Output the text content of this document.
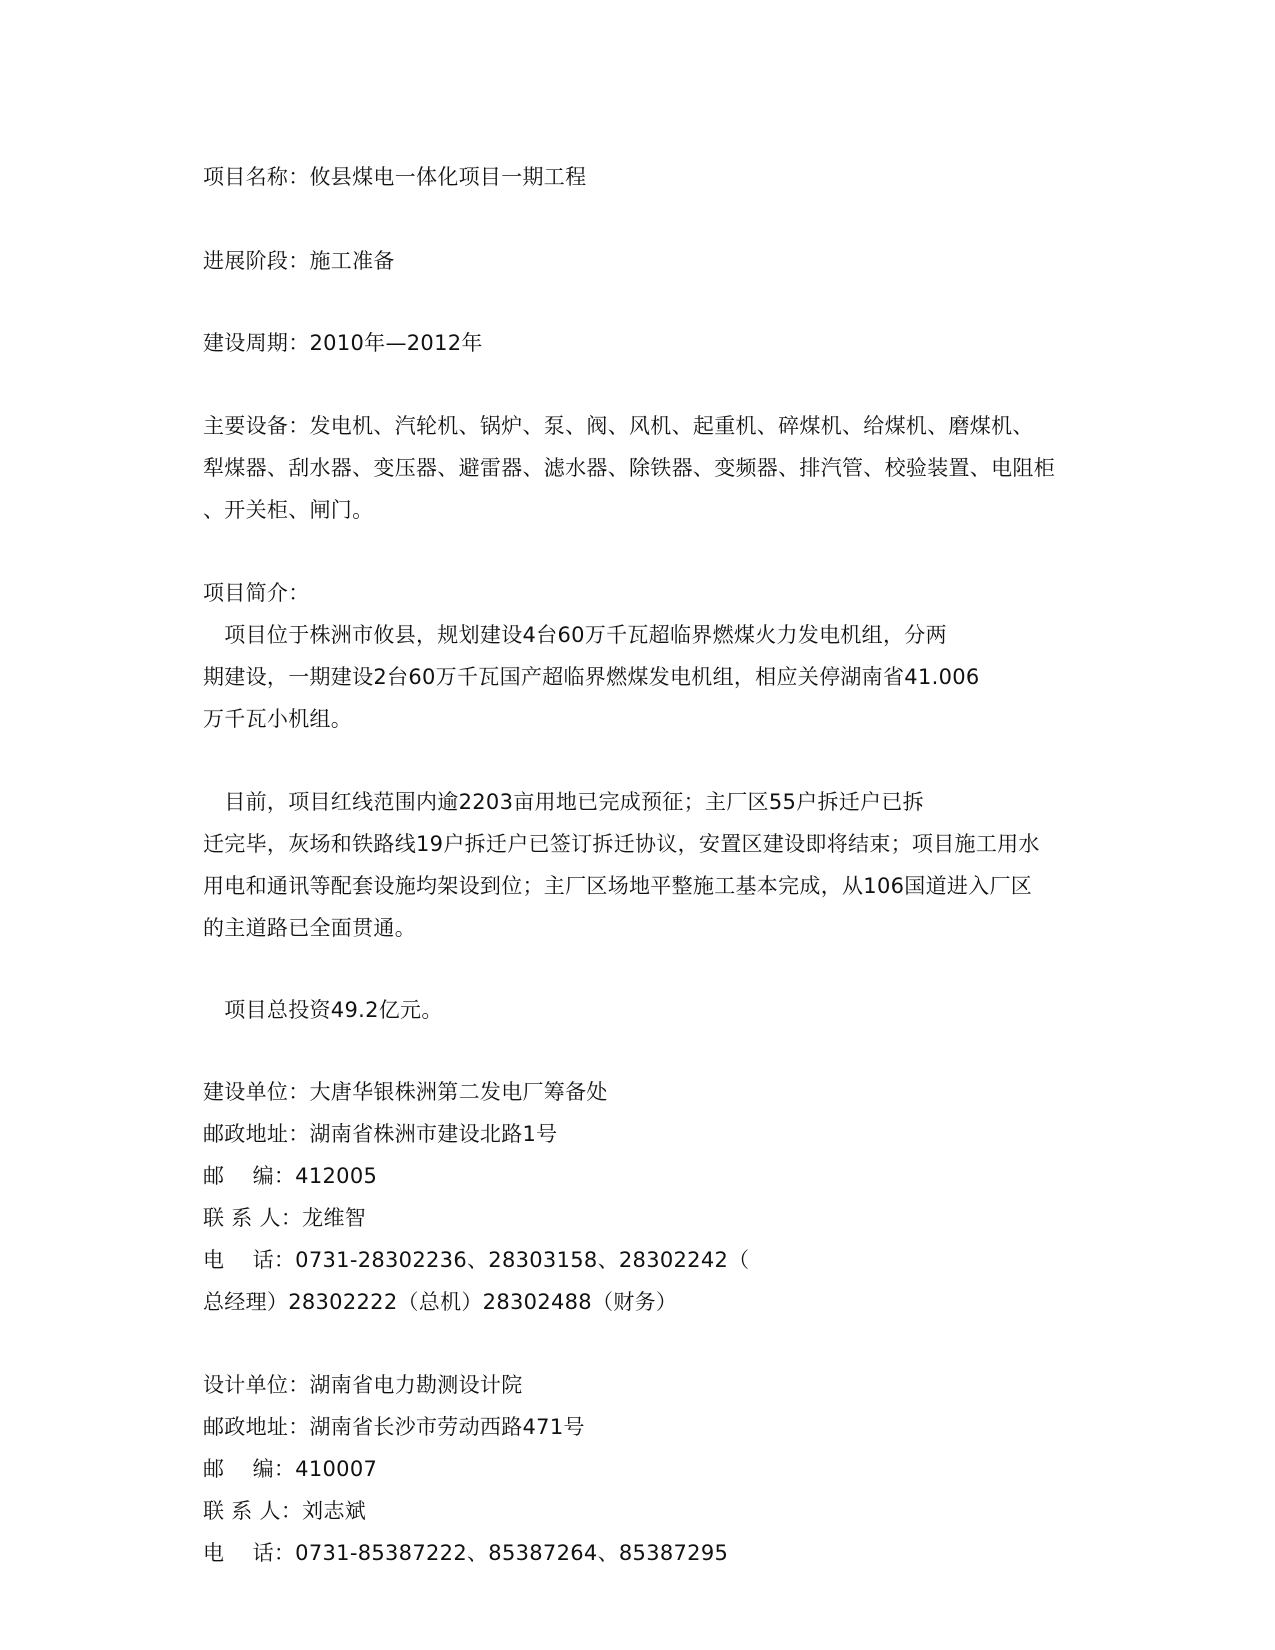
项目名称：攸县煤电一体化项目一期工程
进展阶段：施工准备
建设周期：2010年—2012年
主要设备：发电机、汽轮机、锅炉、泵、阀、风机、起重机、碎煤机、给煤机、磨煤机、
犁煤器、刮水器、变压器、避雷器、滤水器、除铁器、变频器、排汽管、校验装置、电阻柜
、开关柜、闸门。
项目简介：
　项目位于株洲市攸县，规划建设4台60万千瓦超临界燃煤火力发电机组，分两
期建设，一期建设2台60万千瓦国产超临界燃煤发电机组，相应关停湖南省41.006
万千瓦小机组。
　目前，项目红线范围内逾2203亩用地已完成预征；主厂区55户拆迁户已拆
迁完毕，灰场和铁路线19户拆迁户已签订拆迁协议，安置区建设即将结束；项目施工用水
用电和通讯等配套设施均架设到位；主厂区场地平整施工基本完成，从106国道进入厂区
的主道路已全面贯通。
　项目总投资49.2亿元。
建设单位：大唐华银株洲第二发电厂筹备处
邮政地址：湖南省株洲市建设北路1号
邮　 编：412005
联 系 人：龙维智
电　 话：0731-28302236、28303158、28302242（
总经理）28302222（总机）28302488（财务）
设计单位：湖南省电力勘测设计院
邮政地址：湖南省长沙市劳动西路471号
邮　 编：410007
联 系 人：刘志斌
电　 话：0731-85387222、85387264、85387295
